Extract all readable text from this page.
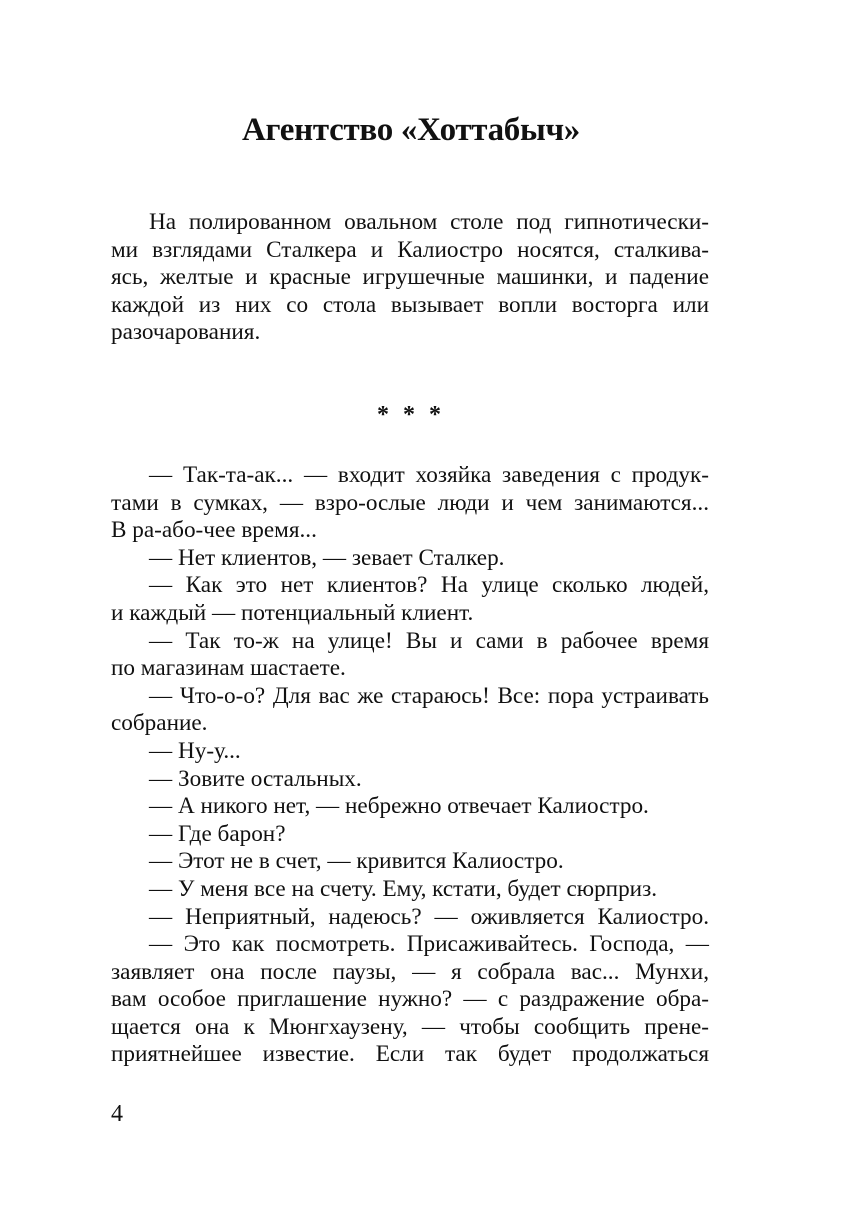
Агентство «Хоттабыч»
На полированном овальном столе под гипнотически-
ми взглядами Сталкера и Калиостро носятся, сталкива-
ясь, желтые и красные игрушечные машинки, и падение
каждой из них со стола вызывает вопли восторга или
разочарования.
* * *
— Так-та-ак... — входит хозяйка заведения с продук-
тами в сумках, — взро-ослые люди и чем занимаются...
В ра-або-чее время...
— Нет клиентов, — зевает Сталкер.
— Как это нет клиентов? На улице сколько людей,
и каждый — потенциальный клиент.
— Так то-ж на улице! Вы и сами в рабочее время
по магазинам шастаете.
— Что-о-о? Для вас же стараюсь! Все: пора устраивать
собрание.
— Ну-у...
— Зовите остальных.
— А никого нет, — небрежно отвечает Калиостро.
— Где барон?
— Этот не в счет, — кривится Калиостро.
— У меня все на счету. Ему, кстати, будет сюрприз.
— Неприятный, надеюсь? — оживляется Калиостро.
— Это как посмотреть. Присаживайтесь. Господа, —
заявляет она после паузы, — я собрала вас... Мунхи,
вам особое приглашение нужно? — с раздражение обра-
щается она к Мюнгхаузену, — чтобы сообщить прене-
приятнейшее известие. Если так будет продолжаться
4
